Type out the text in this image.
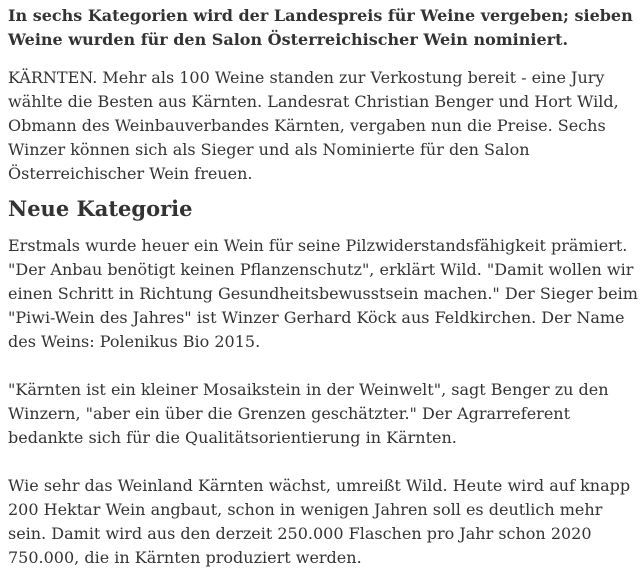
In sechs Kategorien wird der Landespreis für Weine vergeben; sieben Weine wurden für den Salon Österreichischer Wein nominiert.

KÄRNTEN. Mehr als 100 Weine standen zur Verkostung bereit - eine Jury wählte die Besten aus Kärnten. Landesrat Christian Benger und Hort Wild, Obmann des Weinbauverbandes Kärnten, vergaben nun die Preise. Sechs Winzer können sich als Sieger und als Nominierte für den Salon Österreichischer Wein freuen.

Neue Kategorie

Erstmals wurde heuer ein Wein für seine Pilzwiderstandsfähigkeit prämiert. "Der Anbau benötigt keinen Pflanzenschutz", erklärt Wild. "Damit wollen wir einen Schritt in Richtung Gesundheitsbewusstsein machen." Der Sieger beim "Piwi-Wein des Jahres" ist Winzer Gerhard Köck aus Feldkirchen. Der Name des Weins: Polenikus Bio 2015.

"Kärnten ist ein kleiner Mosaikstein in der Weinwelt", sagt Benger zu den Winzern, "aber ein über die Grenzen geschätzter." Der Agrarreferent bedankte sich für die Qualitätsorientierung in Kärnten.

Wie sehr das Weinland Kärnten wächst, umreißt Wild. Heute wird auf knapp 200 Hektar Wein angbaut, schon in wenigen Jahren soll es deutlich mehr sein. Damit wird aus den derzeit 250.000 Flaschen pro Jahr schon 2020 750.000, die in Kärnten produziert werden.
